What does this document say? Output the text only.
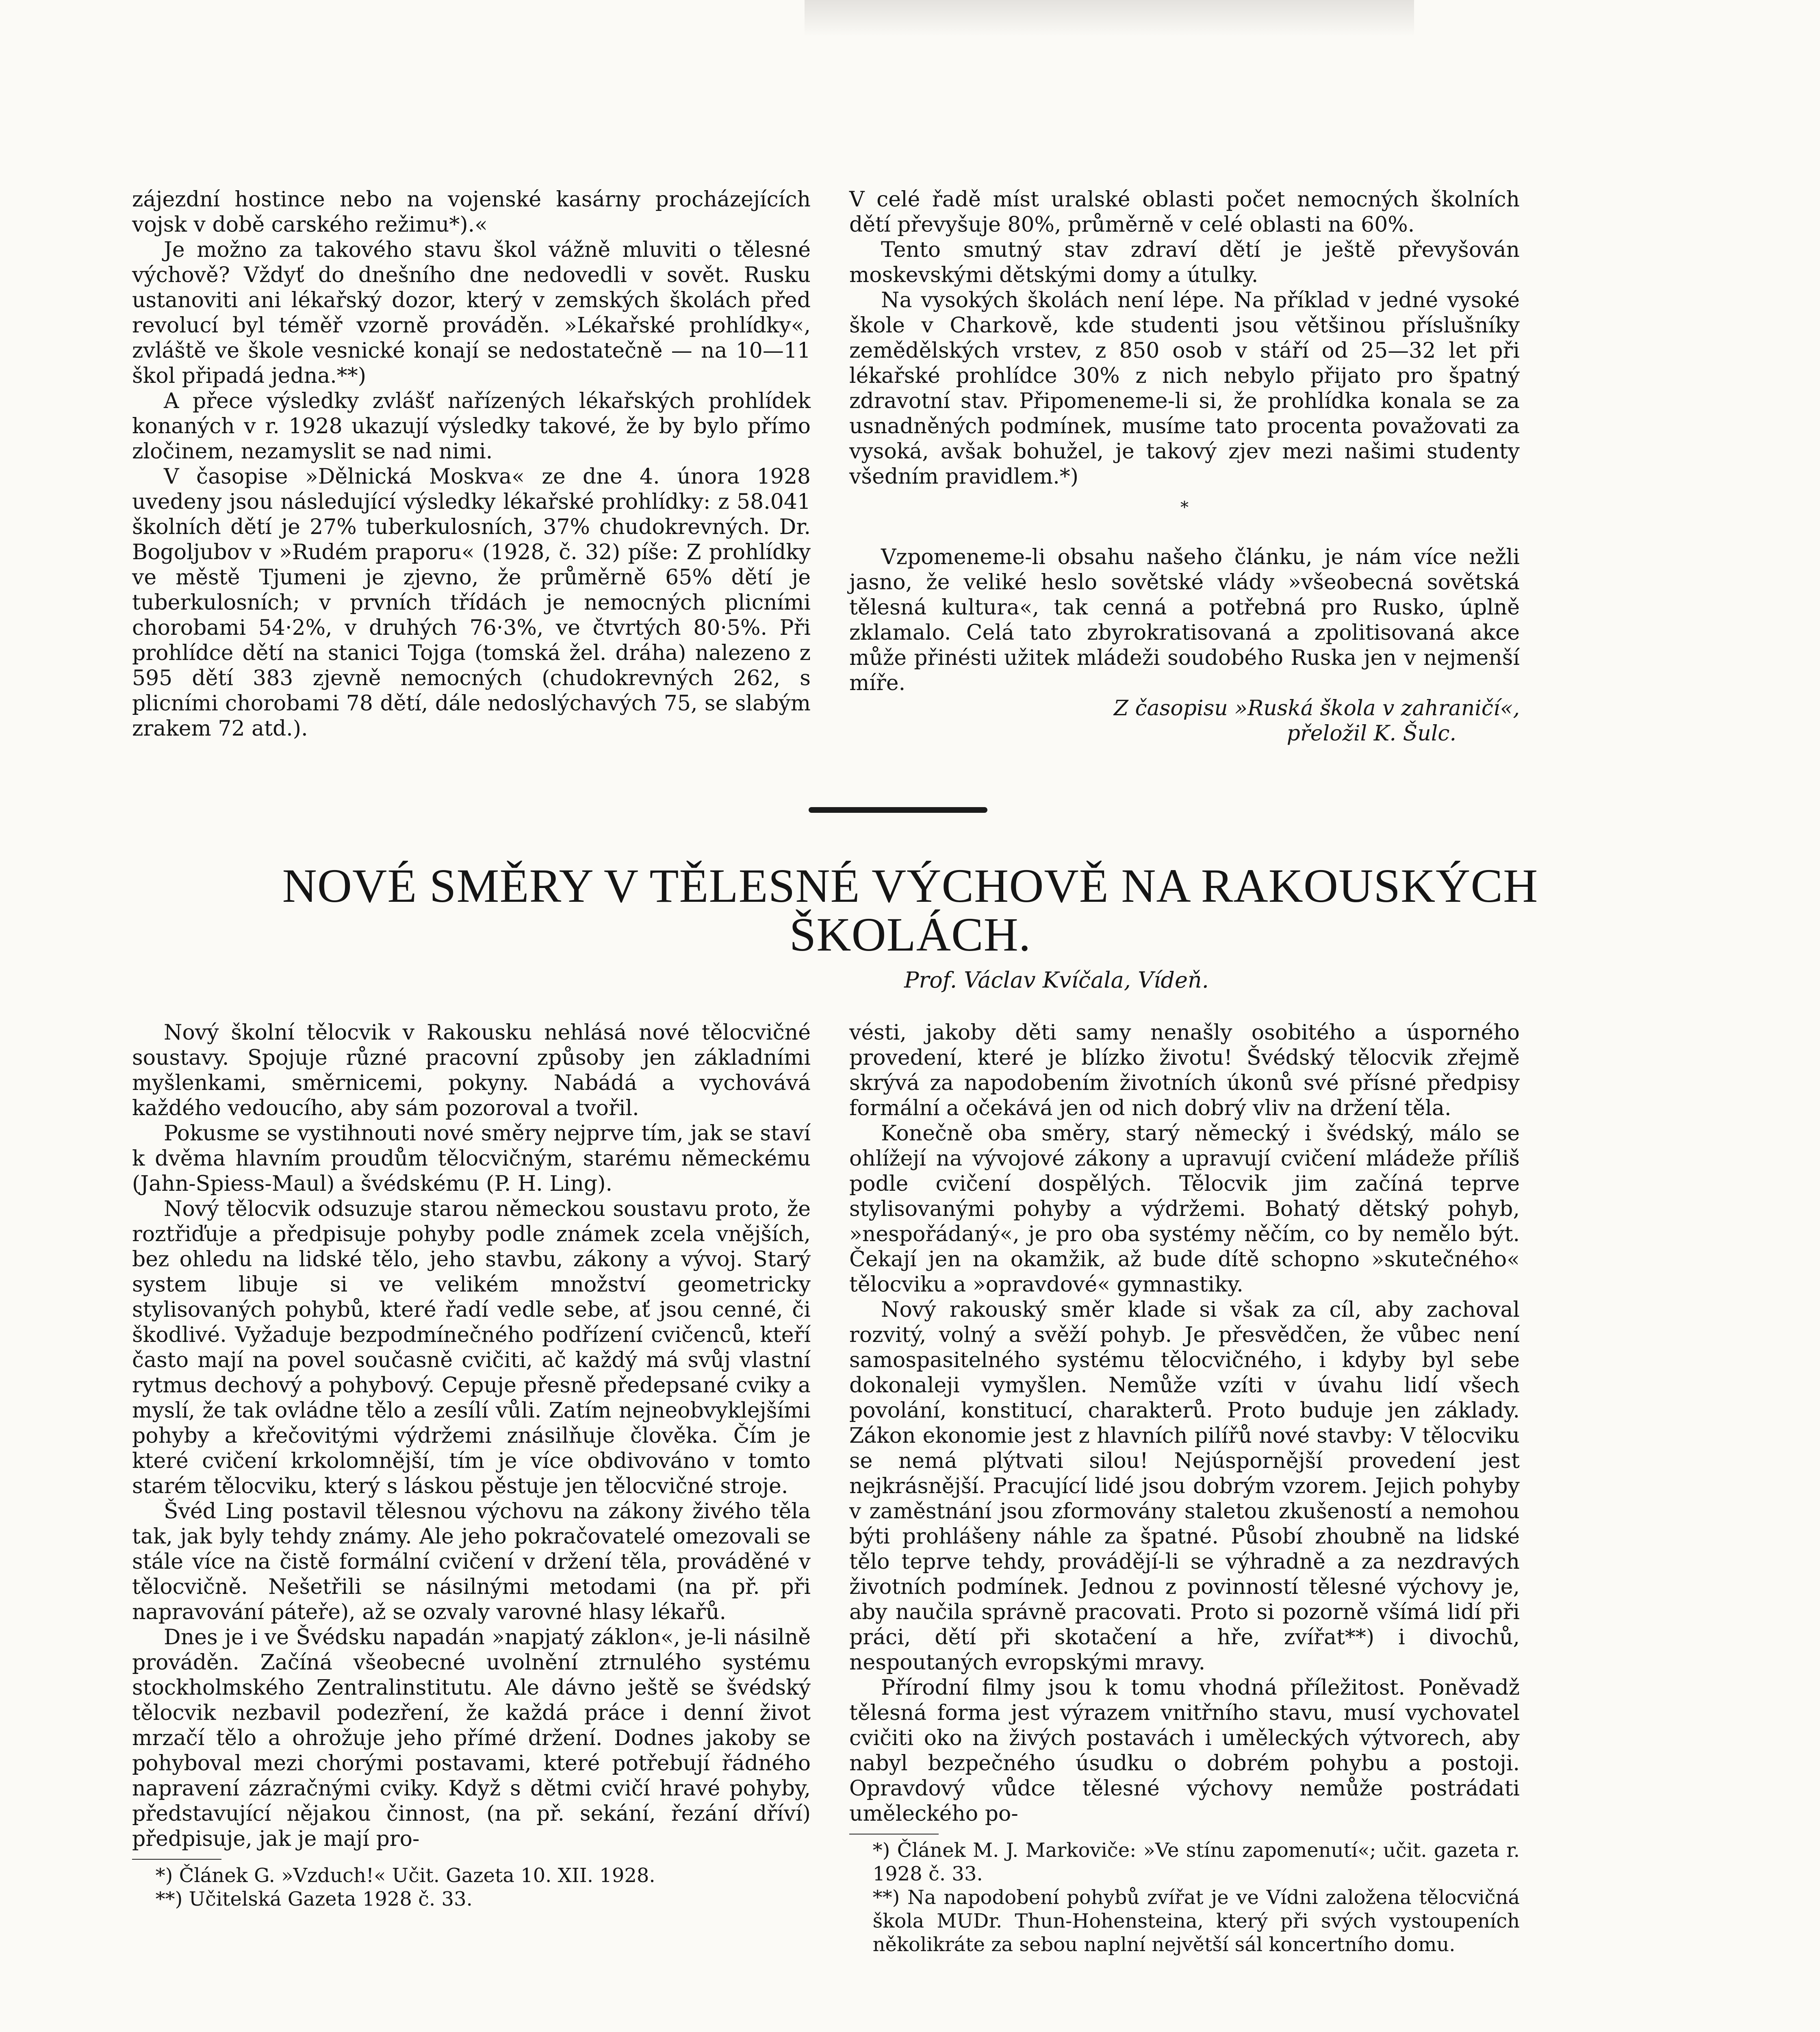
zájezdní hostince nebo na vojenské kasárny procházejících vojsk v době carského režimu*).«

Je možno za takového stavu škol vážně mluviti o tělesné výchově? Vždyť do dnešního dne nedovedli v sovět. Rusku ustanoviti ani lékařský dozor, který v zemských školách před revolucí byl téměř vzorně prováděn. »Lékařské prohlídky«, zvláště ve škole vesnické konají se nedostatečně — na 10—11 škol připadá jedna.**)

A přece výsledky zvlášť nařízených lékařských prohlídek konaných v r. 1928 ukazují výsledky takové, že by bylo přímo zločinem, nezamyslit se nad nimi.

V časopise »Dělnická Moskva« ze dne 4. února 1928 uvedeny jsou následující výsledky lékařské prohlídky: z 58.041 školních dětí je 27% tuberkulosních, 37% chudokrevných. Dr. Bogoljubov v »Rudém praporu« (1928, č. 32) píše: Z prohlídky ve městě Tjumeni je zjevno, že průměrně 65% dětí je tuberkulosních; v prvních třídách je nemocných plicními chorobami 54·2%, v druhých 76·3%, ve čtvrtých 80·5%. Při prohlídce dětí na stanici Tojga (tomská žel. dráha) nalezeno z 595 dětí 383 zjevně nemocných (chudokrevných 262, s plicními chorobami 78 dětí, dále nedoslýchavých 75, se slabým zrakem 72 atd.).

V celé řadě míst uralské oblasti počet nemocných školních dětí převyšuje 80%, průměrně v celé oblasti na 60%.

Tento smutný stav zdraví dětí je ještě převyšován moskevskými dětskými domy a útulky.

Na vysokých školách není lépe. Na příklad v jedné vysoké škole v Charkově, kde studenti jsou většinou příslušníky zemědělských vrstev, z 850 osob v stáří od 25—32 let při lékařské prohlídce 30% z nich nebylo přijato pro špatný zdravotní stav. Připomeneme-li si, že prohlídka konala se za usnadněných podmínek, musíme tato procenta považovati za vysoká, avšak bohužel, je takový zjev mezi našimi studenty všedním pravidlem.*)

*

Vzpomeneme-li obsahu našeho článku, je nám více nežli jasno, že veliké heslo sovětské vlády »všeobecná sovětská tělesná kultura«, tak cenná a potřebná pro Rusko, úplně zklamalo. Celá tato zbyrokratisovaná a zpolitisovaná akce může přinésti užitek mládeži soudobého Ruska jen v nejmenší míře.

Z časopisu »Ruská škola v zahraničí«,

přeložil K. Šulc.

NOVÉ SMĚRY V TĚLESNÉ VÝCHOVĚ NA RAKOUSKÝCH ŠKOLÁCH.
Prof. Václav Kvíčala, Vídeň.

Nový školní tělocvik v Rakousku nehlásá nové tělocvičné soustavy. Spojuje různé pracovní způsoby jen základními myšlenkami, směrnicemi, pokyny. Nabádá a vychovává každého vedoucího, aby sám pozoroval a tvořil.

Pokusme se vystihnouti nové směry nejprve tím, jak se staví k dvěma hlavním proudům tělocvičným, starému německému (Jahn-Spiess-Maul) a švédskému (P. H. Ling).

Nový tělocvik odsuzuje starou německou soustavu proto, že roztřiďuje a předpisuje pohyby podle známek zcela vnějších, bez ohledu na lidské tělo, jeho stavbu, zákony a vývoj. Starý system libuje si ve velikém množství geometricky stylisovaných pohybů, které řadí vedle sebe, ať jsou cenné, či škodlivé. Vyžaduje bezpodmínečného podřízení cvičenců, kteří často mají na povel současně cvičiti, ač každý má svůj vlastní rytmus dechový a pohybový. Cepuje přesně předepsané cviky a myslí, že tak ovládne tělo a zesílí vůli. Zatím nejneobvyklejšími pohyby a křečovitými výdržemi znásilňuje člověka. Čím je které cvičení krkolomnější, tím je více obdivováno v tomto starém tělocviku, který s láskou pěstuje jen tělocvičné stroje.

Švéd Ling postavil tělesnou výchovu na zákony živého těla tak, jak byly tehdy známy. Ale jeho pokračovatelé omezovali se stále více na čistě formální cvičení v držení těla, prováděné v tělocvičně. Nešetřili se násilnými metodami (na př. při napravování páteře), až se ozvaly varovné hlasy lékařů.

Dnes je i ve Švédsku napadán »napjatý záklon«, je-li násilně prováděn. Začíná všeobecné uvolnění ztrnulého systému stockholmského Zentralinstitutu. Ale dávno ještě se švédský tělocvik nezbavil podezření, že každá práce i denní život mrzačí tělo a ohrožuje jeho přímé držení. Dodnes jakoby se pohyboval mezi chorými postavami, které potřebují řádného napravení zázračnými cviky. Když s dětmi cvičí hravé pohyby, představující nějakou činnost, (na př. sekání, řezání dříví) předpisuje, jak je mají pro-

*) Článek G. »Vzduch!« Učit. Gazeta 10. XII. 1928.

**) Učitelská Gazeta 1928 č. 33.

vésti, jakoby děti samy nenašly osobitého a úsporného provedení, které je blízko životu! Švédský tělocvik zřejmě skrývá za napodobením životních úkonů své přísné předpisy formální a očekává jen od nich dobrý vliv na držení těla.

Konečně oba směry, starý německý i švédský, málo se ohlížejí na vývojové zákony a upravují cvičení mládeže příliš podle cvičení dospělých. Tělocvik jim začíná teprve stylisovanými pohyby a výdržemi. Bohatý dětský pohyb, »nespořádaný«, je pro oba systémy něčím, co by nemělo být. Čekají jen na okamžik, až bude dítě schopno »skutečného« tělocviku a »opravdové« gymnastiky.

Nový rakouský směr klade si však za cíl, aby zachoval rozvitý, volný a svěží pohyb. Je přesvědčen, že vůbec není samospasitelného systému tělocvičného, i kdyby byl sebe dokonaleji vymyšlen. Nemůže vzíti v úvahu lidí všech povolání, konstitucí, charakterů. Proto buduje jen základy. Zákon ekonomie jest z hlavních pilířů nové stavby: V tělocviku se nemá plýtvati silou! Nejúspornější provedení jest nejkrásnější. Pracující lidé jsou dobrým vzorem. Jejich pohyby v zaměstnání jsou zformovány staletou zkušeností a nemohou býti prohlášeny náhle za špatné. Působí zhoubně na lidské tělo teprve tehdy, provádějí-li se výhradně a za nezdravých životních podmínek. Jednou z povinností tělesné výchovy je, aby naučila správně pracovati. Proto si pozorně všímá lidí při práci, dětí při skotačení a hře, zvířat**) i divochů, nespoutaných evropskými mravy.

Přírodní filmy jsou k tomu vhodná příležitost. Poněvadž tělesná forma jest výrazem vnitřního stavu, musí vychovatel cvičiti oko na živých postavách i uměleckých výtvorech, aby nabyl bezpečného úsudku o dobrém pohybu a postoji. Opravdový vůdce tělesné výchovy nemůže postrádati uměleckého po-

*) Článek M. J. Markoviče: »Ve stínu zapomenutí«; učit. gazeta r. 1928 č. 33.

**) Na napodobení pohybů zvířat je ve Vídni založena tělocvičná škola MUDr. Thun-Hohensteina, který při svých vystoupeních několikráte za sebou naplní největší sál koncertního domu.
